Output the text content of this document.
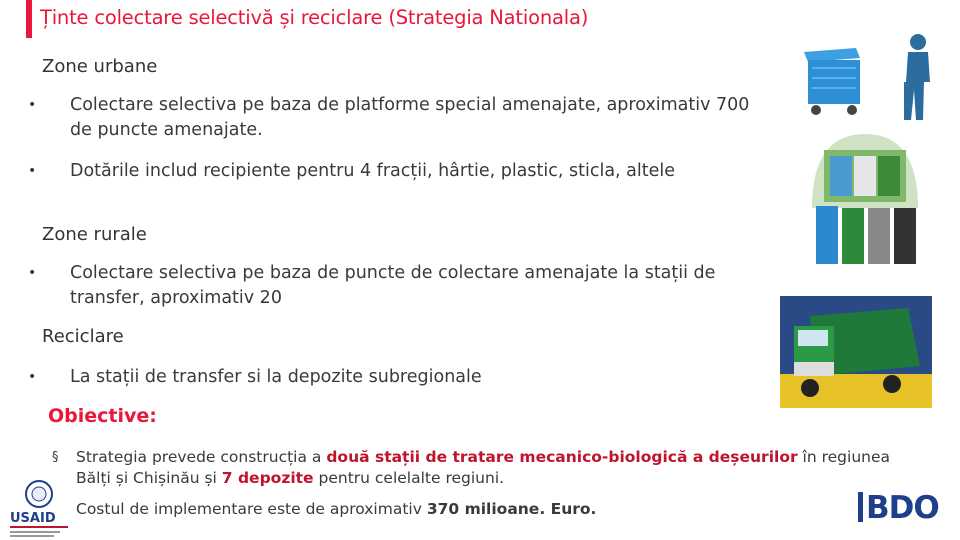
Ținte colectare selectivă și reciclare (Strategia Nationala)
Zone urbane
• Colectare selectiva pe baza de platforme special amenajate, aproximativ 700 de puncte amenajate.
• Dotările includ recipiente pentru 4 fracții, hârtie, plastic, sticla, altele
Zone rurale
• Colectare selectiva pe baza de puncte de colectare amenajate la stații de transfer, aproximativ 20
Reciclare
• La stații de transfer si la depozite subregionale
Obiective:
§ Strategia prevede construcția a două stații de tratare mecanico-biologică a deșeurilor în regiunea Bălți și Chișinău și 7 depozite pentru celelalte regiuni.
Costul de implementare este de aproximativ 370 milioane. Euro.
USAID	BDO
